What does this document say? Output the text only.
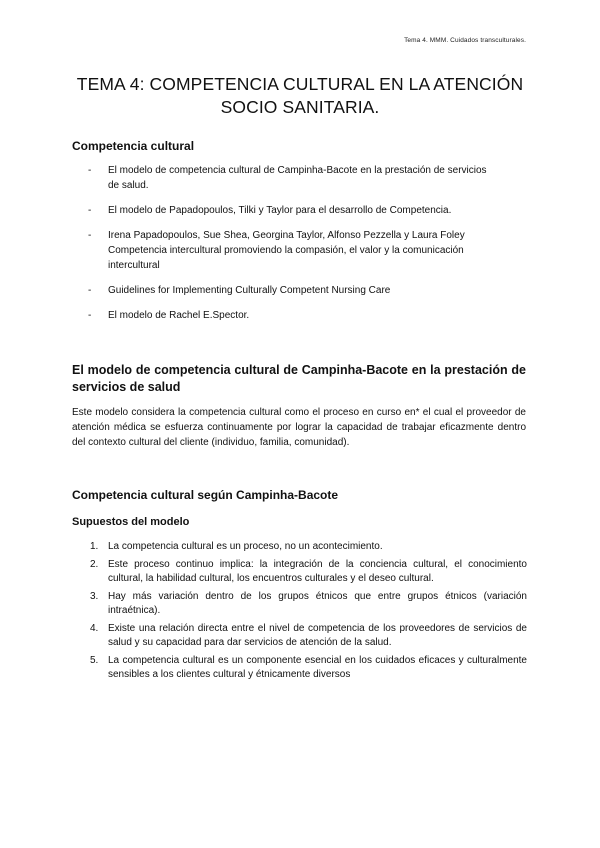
Tema 4. MMM. Cuidados transculturales.
TEMA 4: COMPETENCIA CULTURAL EN LA ATENCIÓN SOCIO SANITARIA.
Competencia cultural
- El modelo de competencia cultural de Campinha-Bacote en la prestación de servicios de salud.
- El modelo de Papadopoulos, Tilki y Taylor para el desarrollo de Competencia.
- Irena Papadopoulos, Sue Shea, Georgina Taylor, Alfonso Pezzella y Laura Foley Competencia intercultural promoviendo la compasión, el valor y la comunicación intercultural
- Guidelines for Implementing Culturally Competent Nursing Care
- El modelo de Rachel E.Spector.
El modelo de competencia cultural de Campinha-Bacote en la prestación de servicios de salud

Este modelo considera la competencia cultural como el proceso en curso en* el cual el proveedor de atención médica se esfuerza continuamente por lograr la capacidad de trabajar eficazmente dentro del contexto cultural del cliente (individuo, familia, comunidad).

Competencia cultural según Campinha-Bacote
Supuestos del modelo
1. La competencia cultural es un proceso, no un acontecimiento.
2. Este proceso continuo implica: la integración de la conciencia cultural, el conocimiento cultural, la habilidad cultural, los encuentros culturales y el deseo cultural.
3. Hay más variación dentro de los grupos étnicos que entre grupos étnicos (variación intraétnica).
4. Existe una relación directa entre el nivel de competencia de los proveedores de servicios de salud y su capacidad para dar servicios de atención de la salud.
5. La competencia cultural es un componente esencial en los cuidados eficaces y culturalmente sensibles a los clientes cultural y étnicamente diversos
